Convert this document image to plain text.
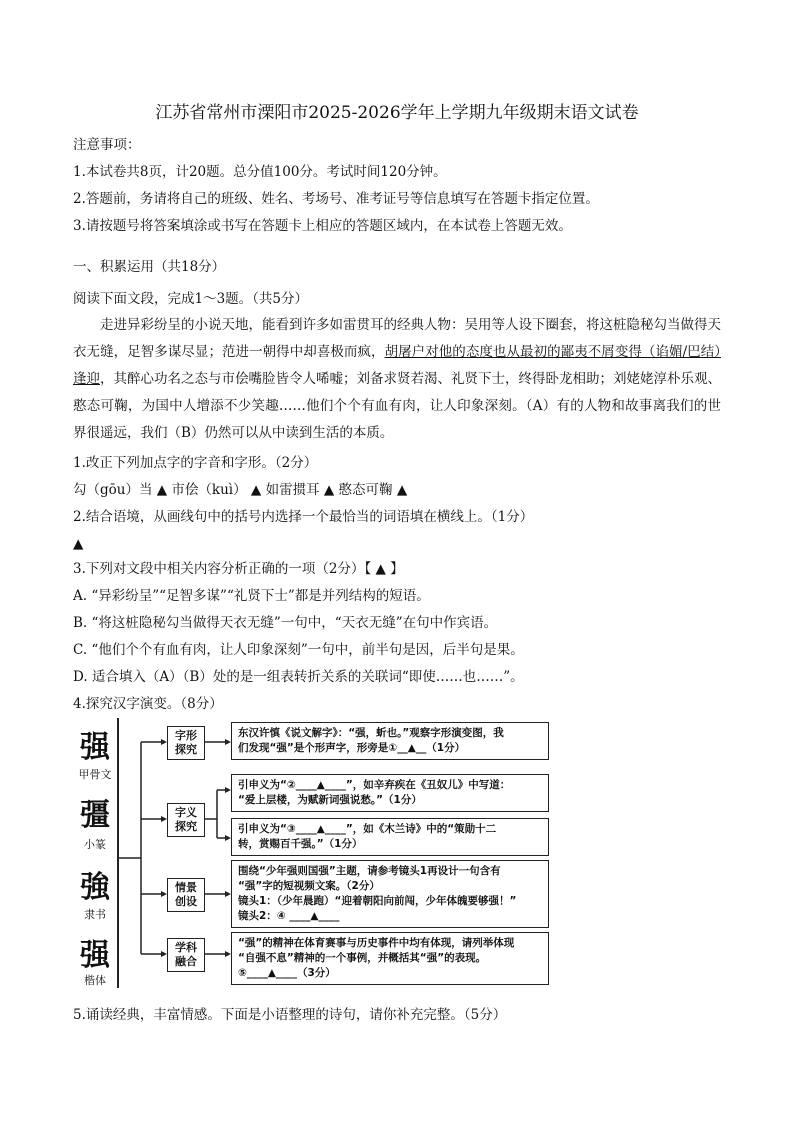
江苏省常州市溧阳市2025-2026学年上学期九年级期末语文试卷
注意事项：
1.本试卷共8页，计20题。总分值100分。考试时间120分钟。
2.答题前，务请将自己的班级、姓名、考场号、准考证号等信息填写在答题卡指定位置。
3.请按题号将答案填涂或书写在答题卡上相应的答题区域内，在本试卷上答题无效。
一、积累运用（共18分）
阅读下面文段，完成1～3题。（共5分）
走进异彩纷呈的小说天地，能看到许多如雷贯耳的经典人物：吴用等人设下圈套，将这桩隐秘勾当做得天衣无缝，足智多谋尽显；范进一朝得中却喜极而疯，胡屠户对他的态度也从最初的鄙夷不屑变得（谄媚/巴结）逢迎，其醉心功名之态与市侩嘴脸皆令人唏嘘；刘备求贤若渴、礼贤下士，终得卧龙相助；刘姥姥淳朴乐观、憨态可鞠，为国中人增添不少笑趣……他们个个有血有肉，让人印象深刻。（A）有的人物和故事离我们的世界很遥远，我们（B）仍然可以从中读到生活的本质。
1.改正下列加点字的字音和字形。（2分）
勾（gōu）当 ▲ 市侩（kuì） ▲ 如雷掼耳 ▲ 憨态可鞠 ▲
2.结合语境，从画线句中的括号内选择一个最恰当的词语填在横线上。（1分）
▲
3.下列对文段中相关内容分析正确的一项（2分）【 ▲ 】
A. “异彩纷呈”“足智多谋”“礼贤下士”都是并列结构的短语。
B. “将这桩隐秘勾当做得天衣无缝”一句中，“天衣无缝”在句中作宾语。
C. “他们个个有血有肉，让人印象深刻”一句中，前半句是因，后半句是果。
D. 适合填入（A）（B）处的是一组表转折关系的关联词“即使……也……”。
4.探究汉字演变。（8分）
强
甲骨文
彊
小篆
強
隶书
强
楷体
字形
探究
字义
探究
情景
创设
学科
融合
东汉许慎《说文解字》：“强，蚚也。”观察字形演变图，我
们发现“强”是个形声字，形旁是①__▲__（1分）
引申义为“②____▲____”，如辛弃疾在《丑奴儿》中写道：
“爱上层楼，为赋新词强说愁。”（1分）
引申义为“③____▲____”，如《木兰诗》中的“策勋十二
转，赏赐百千强。”（1分）
围绕“少年强则国强”主题，请参考镜头1再设计一句含有
“强”字的短视频文案。（2分）
镜头1：（少年晨跑）“迎着朝阳向前闯，少年体魄要够强！”
镜头2：④ ____▲____
“强”的精神在体育赛事与历史事件中均有体现，请列举体现
“自强不息”精神的一个事例，并概括其“强”的表现。
⑤____▲____（3分）
5.诵读经典，丰富情感。下面是小语整理的诗句，请你补充完整。（5分）
